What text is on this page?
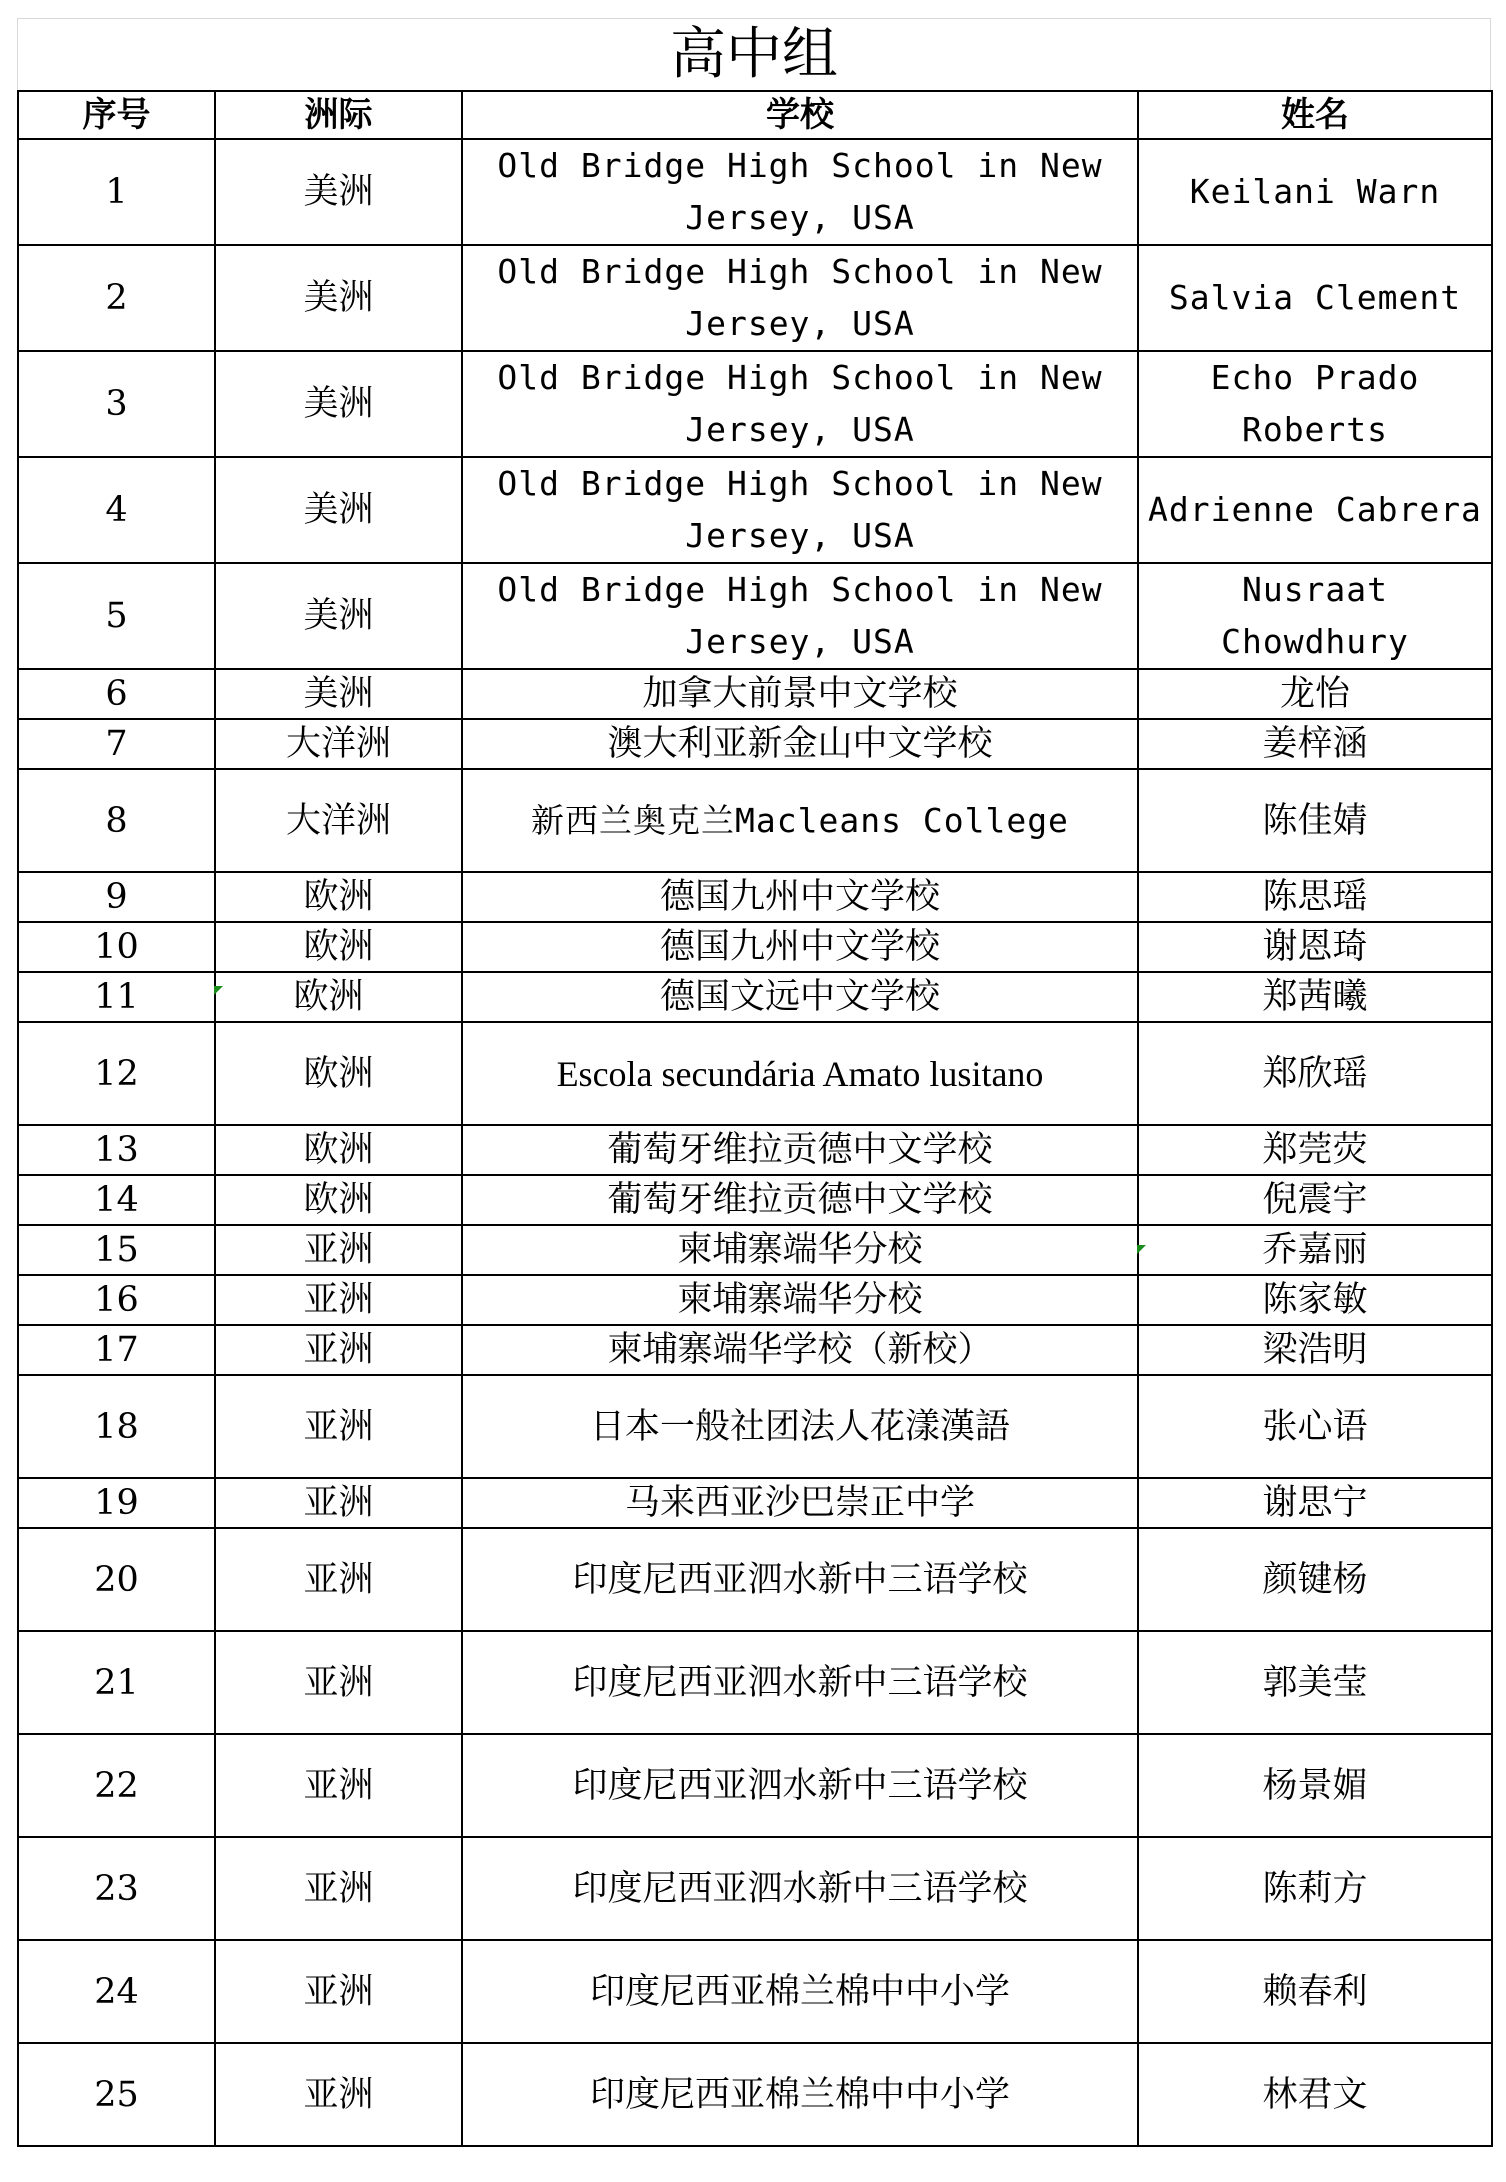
高中组
序号	洲际	学校	姓名
1	美洲	Old Bridge High School in New Jersey, USA	Keilani Warn
2	美洲	Old Bridge High School in New Jersey, USA	Salvia Clement
3	美洲	Old Bridge High School in New Jersey, USA	Echo Prado Roberts
4	美洲	Old Bridge High School in New Jersey, USA	Adrienne Cabrera
5	美洲	Old Bridge High School in New Jersey, USA	Nusraat Chowdhury
6	美洲	加拿大前景中文学校	龙怡
7	大洋洲	澳大利亚新金山中文学校	姜梓涵
8	大洋洲	新西兰奥克兰Macleans College	陈佳婧
9	欧洲	德国九州中文学校	陈思瑶
10	欧洲	德国九州中文学校	谢恩琦
11	欧洲	德国文远中文学校	郑茜曦
12	欧洲	Escola secundária Amato lusitano	郑欣瑶
13	欧洲	葡萄牙维拉贡德中文学校	郑莞荧
14	欧洲	葡萄牙维拉贡德中文学校	倪震宇
15	亚洲	柬埔寨端华分校	乔嘉丽
16	亚洲	柬埔寨端华分校	陈家敏
17	亚洲	柬埔寨端华学校（新校）	梁浩明
18	亚洲	日本一般社团法人花漾漢語	张心语
19	亚洲	马来西亚沙巴崇正中学	谢思宁
20	亚洲	印度尼西亚泗水新中三语学校	颜键杨
21	亚洲	印度尼西亚泗水新中三语学校	郭美莹
22	亚洲	印度尼西亚泗水新中三语学校	杨景媚
23	亚洲	印度尼西亚泗水新中三语学校	陈莉方
24	亚洲	印度尼西亚棉兰棉中中小学	赖春利
25	亚洲	印度尼西亚棉兰棉中中小学	林君文
